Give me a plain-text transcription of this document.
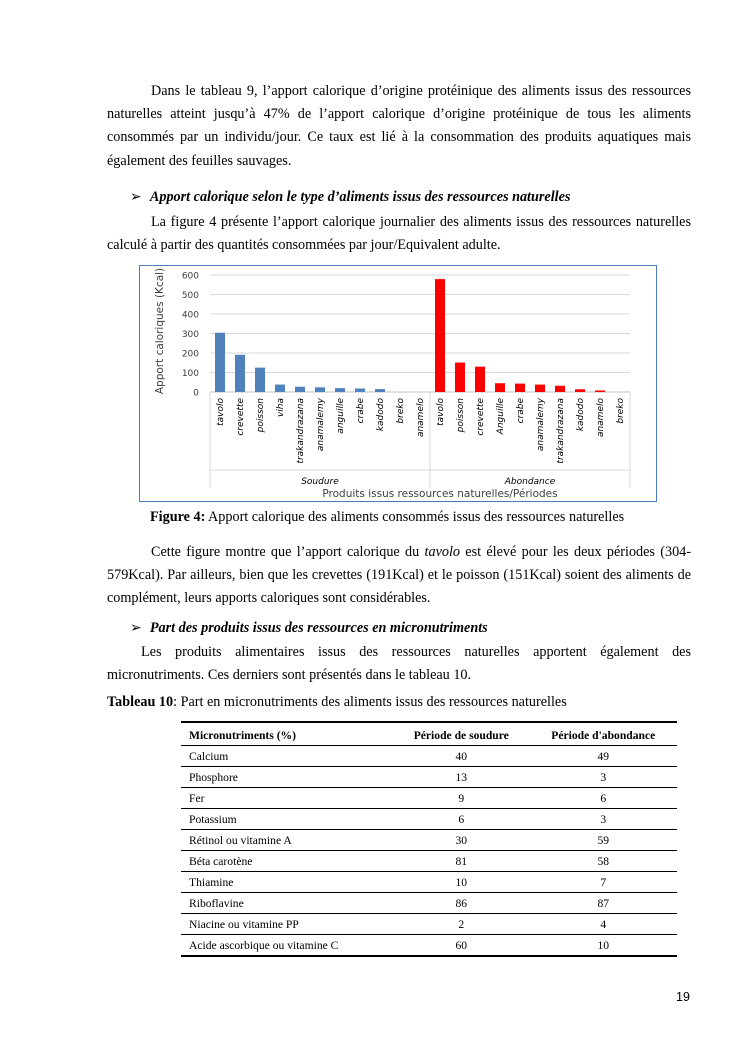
Dans le tableau 9, l’apport calorique d’origine protéinique des aliments issus des ressources naturelles atteint jusqu’à 47% de l’apport calorique d’origine protéinique de tous les aliments consommés par un individu/jour. Ce taux est lié à la consommation des produits aquatiques mais également des feuilles sauvages.

➢ Apport calorique selon le type d’aliments issus des ressources naturelles

La figure 4 présente l’apport calorique journalier des aliments issus des ressources naturelles calculé à partir des quantités consommées par jour/Equivalent adulte.

Apport caloriques (Kcal)
Produits issus ressources naturelles/Périodes
0
100
200
300
400
500
600
tavolo crevette poisson viha trakandrazana anamalemy anguille crabe kadodo breko anamelo tavolo poisson crevette Anguille crabe anamalemy trakandrazana kadodo anamelo breko
Soudure	Abondance
Figure 4: Apport calorique des aliments consommés issus des ressources naturelles

Cette figure montre que l’apport calorique du tavolo est élevé pour les deux périodes (304-579Kcal). Par ailleurs, bien que les crevettes (191Kcal) et le poisson (151Kcal) soient des aliments de complément, leurs apports caloriques sont considérables.

➢ Part des produits issus des ressources en micronutriments

Les produits alimentaires issus des ressources naturelles apportent également des micronutriments. Ces derniers sont présentés dans le tableau 10.

Tableau 10: Part en micronutriments des aliments issus des ressources naturelles
Micronutriments (%)	Période de soudure	Période d'abondance
Calcium	40	49
Phosphore	13	3
Fer	9	6
Potassium	6	3
Rétinol ou vitamine A	30	59
Béta carotène	81	58
Thiamine	10	7
Riboflavine	86	87
Niacine ou vitamine PP	2	4
Acide ascorbique ou vitamine C	60	10
19
